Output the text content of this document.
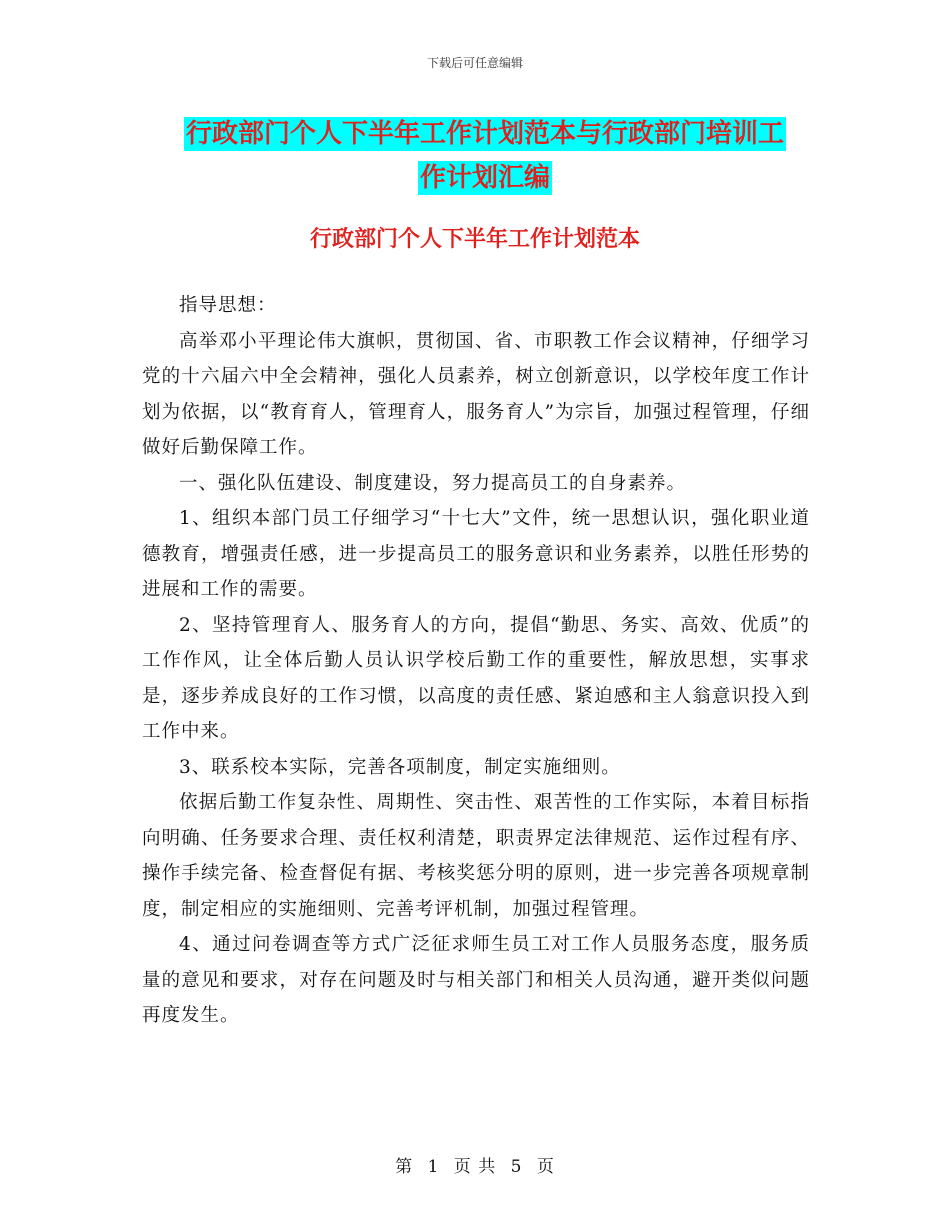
下载后可任意编辑
行政部门个人下半年工作计划范本与行政部门培训工
作计划汇编
行政部门个人下半年工作计划范本

指导思想：

高举邓小平理论伟大旗帜，贯彻国、省、市职教工作会议精神，仔细学习党的十六届六中全会精神，强化人员素养，树立创新意识，以学校年度工作计划为依据，以“教育育人，管理育人，服务育人”为宗旨，加强过程管理，仔细做好后勤保障工作。

一、强化队伍建设、制度建设，努力提高员工的自身素养。

1、组织本部门员工仔细学习“十七大”文件，统一思想认识，强化职业道德教育，增强责任感，进一步提高员工的服务意识和业务素养，以胜任形势的进展和工作的需要。

2、坚持管理育人、服务育人的方向，提倡“勤思、务实、高效、优质”的工作作风，让全体后勤人员认识学校后勤工作的重要性，解放思想，实事求是，逐步养成良好的工作习惯，以高度的责任感、紧迫感和主人翁意识投入到工作中来。

3、联系校本实际，完善各项制度，制定实施细则。

依据后勤工作复杂性、周期性、突击性、艰苦性的工作实际，本着目标指向明确、任务要求合理、责任权利清楚，职责界定法律规范、运作过程有序、操作手续完备、检查督促有据、考核奖惩分明的原则，进一步完善各项规章制度，制定相应的实施细则、完善考评机制，加强过程管理。

4、通过问卷调查等方式广泛征求师生员工对工作人员服务态度，服务质量的意见和要求，对存在问题及时与相关部门和相关人员沟通，避开类似问题再度发生。

第 1 页 共 5 页
